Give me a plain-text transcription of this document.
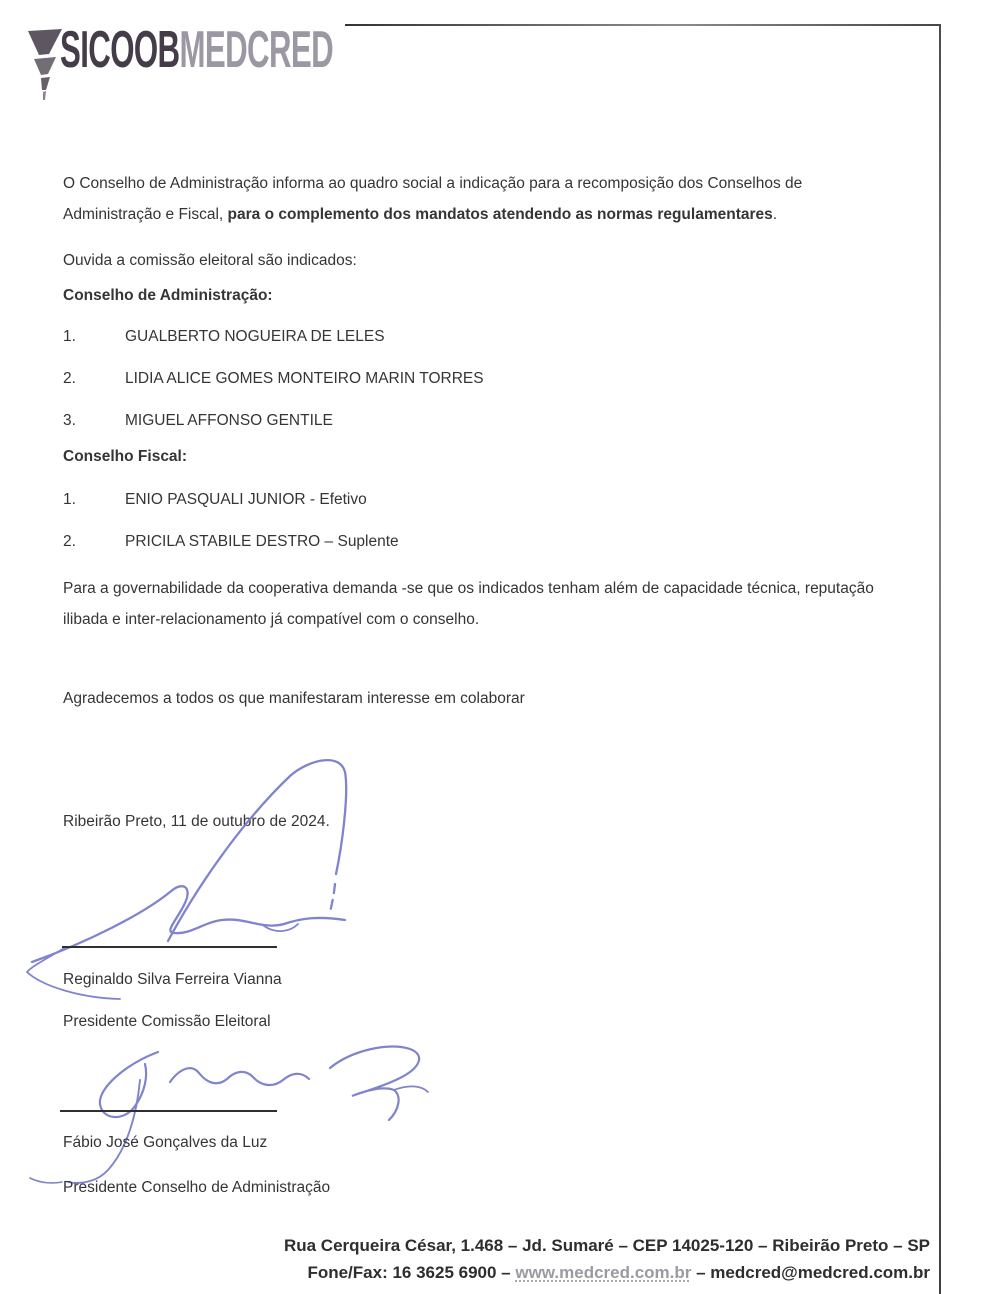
SICOOBMEDCRED
O Conselho de Administração informa ao quadro social a indicação para a recomposição dos Conselhos de
Administração e Fiscal, para o complemento dos mandatos atendendo as normas regulamentares.
Ouvida a comissão eleitoral são indicados:
Conselho de Administração:
1.	GUALBERTO NOGUEIRA DE LELES
2.	LIDIA ALICE GOMES MONTEIRO MARIN TORRES
3.	MIGUEL AFFONSO GENTILE
Conselho Fiscal:
1.	ENIO PASQUALI JUNIOR - Efetivo
2.	PRICILA STABILE DESTRO – Suplente
Para a governabilidade da cooperativa demanda -se que os indicados tenham além de capacidade técnica, reputação
ilibada e inter-relacionamento já compatível com o conselho.
Agradecemos a todos os que manifestaram interesse em colaborar
Ribeirão Preto, 11 de outubro de 2024.
Reginaldo Silva Ferreira Vianna
Presidente Comissão Eleitoral
Fábio José Gonçalves da Luz
Presidente Conselho de Administração
Rua Cerqueira César, 1.468 – Jd. Sumaré – CEP 14025-120 – Ribeirão Preto – SP
Fone/Fax: 16 3625 6900 – www.medcred.com.br – medcred@medcred.com.br
